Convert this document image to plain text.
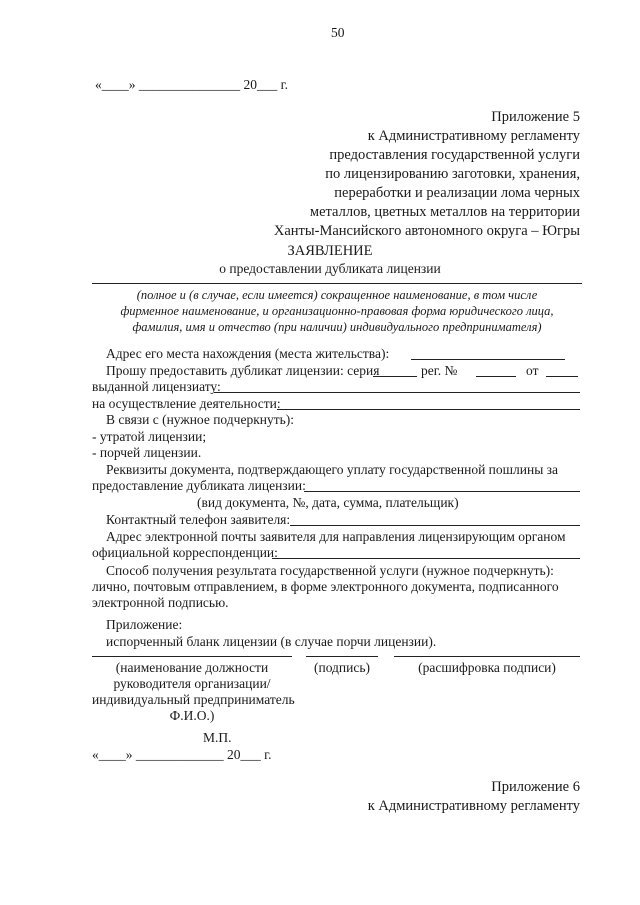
50
«____» _______________ 20___ г.
Приложение 5
к Административному регламенту
предоставления государственной услуги
по лицензированию заготовки, хранения,
переработки и реализации лома черных
металлов, цветных металлов на территории
Ханты-Мансийского автономного округа – Югры
ЗАЯВЛЕНИЕ
о предоставлении дубликата лицензии
(полное и (в случае, если имеется) сокращенное наименование, в том числе
фирменное наименование, и организационно-правовая форма юридического лица,
фамилия, имя и отчество (при наличии) индивидуального предпринимателя)
Адрес его места нахождения (места жительства):
Прошу предоставить дубликат лицензии: серия	рег. №	от
выданной лицензиату:
на осуществление деятельности:
В связи с (нужное подчеркнуть):
- утратой лицензии;
- порчей лицензии.
Реквизиты документа, подтверждающего уплату государственной пошлины за
предоставление дубликата лицензии:
(вид документа, №, дата, сумма, плательщик)
Контактный телефон заявителя:
Адрес электронной почты заявителя для направления лицензирующим органом
официальной корреспонденции:
Способ получения результата государственной услуги (нужное подчеркнуть):
лично, почтовым отправлением, в форме электронного документа, подписанного
электронной подписью.
Приложение:
испорченный бланк лицензии (в случае порчи лицензии).
(наименование должности
руководителя организации/
индивидуальный предприниматель
Ф.И.О.)
(подпись)	(расшифровка подписи)
М.П.
«____» _____________ 20___ г.
Приложение 6
к Административному регламенту
